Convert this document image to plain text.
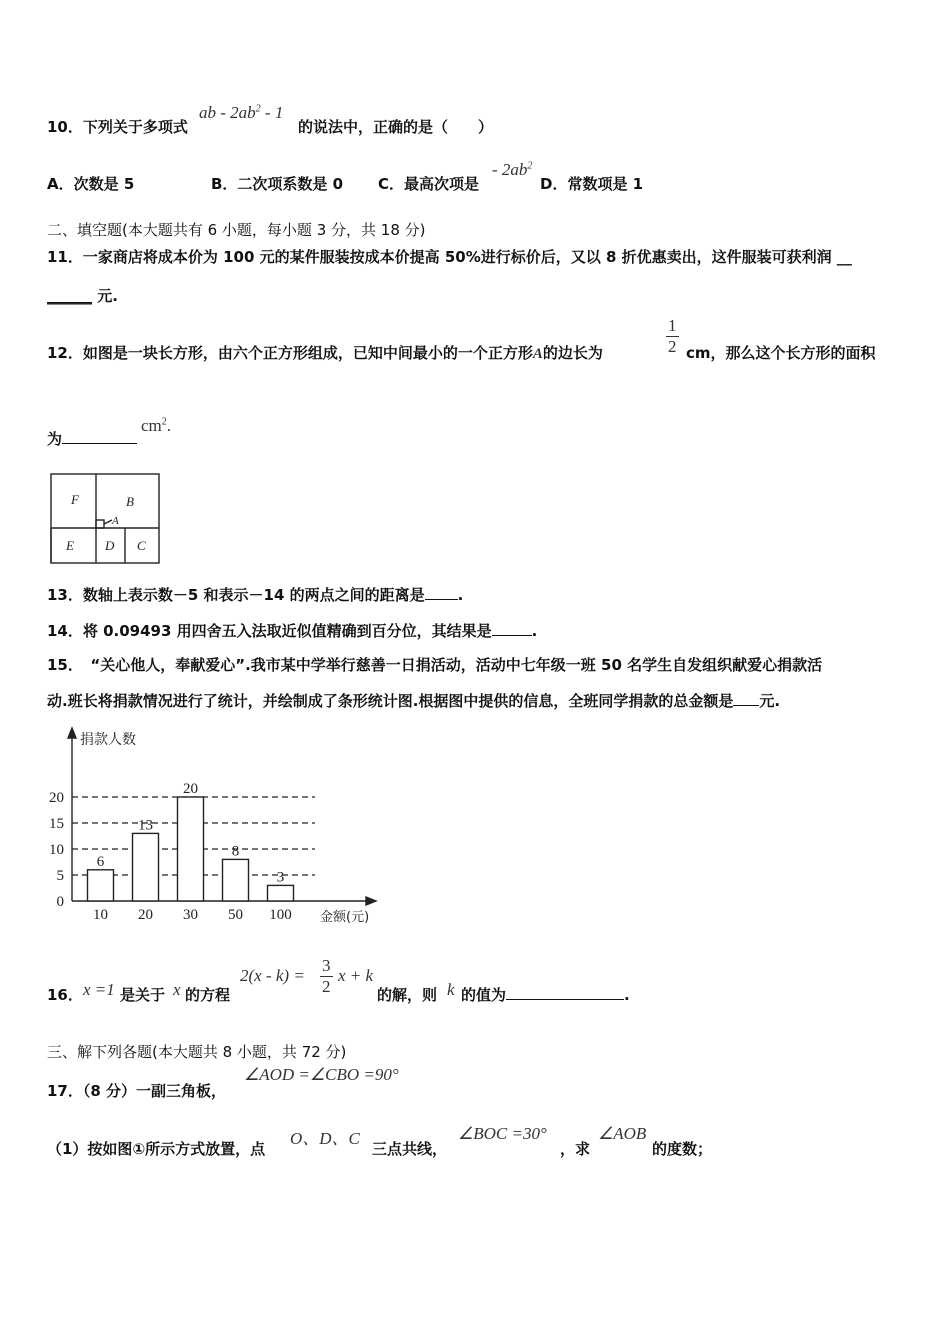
10．下列关于多项式
ab - $2ab^2 - 1$
的说法中，正确的是（　　）
A．次数是 5	B．二次项系数是 0 C．最高次项是
- $2ab^2$
D．常数项是 1
二、填空题(本大题共有 6 小题，每小题 3 分，共 18 分)
11．一家商店将成本价为 100 元的某件服装按成本价提高 50%进行标价后，又以 8 折优惠卖出，这件服装可获利润 __
______ 元.
12．如图是一块长方形，由六个正方形组成，已知中间最小的一个正方形A的边长为	$\frac{1}{2}$ cm，那么这个长方形的面积
为
$cm^2$.
F	B
A
E D C
13．数轴上表示数－5 和表示－14 的两点之间的距离是 .
14．将 0.09493 用四舍五入法取近似值精确到百分位，其结果是	.
15．　“关心他人，奉献爱心”.我市某中学举行慈善一日捐活动，活动中七年级一班 50 名学生自发组织献爱心捐款活
动.班长将捐款情况进行了统计，并绘制成了条形统计图.根据图中提供的信息，全班同学捐款的总金额是 元.
捐款人数
金额(元)
0
5
10
15
20
6
10
13
20
20
30
8
50
3
100
16． x =1 是关于 x 的方程
$2(x - k) = \frac{3}{2}$ x + k
的解，则 k 的值为	.
三、解下列各题(本大题共 8 小题，共 72 分)
17．（8 分）一副三角板，
∠AOD =∠CBO =90°
（1）按如图①所示方式放置，点
O、D、C
三点共线，
∠BOC =30°
，求
∠AOB
的度数；
